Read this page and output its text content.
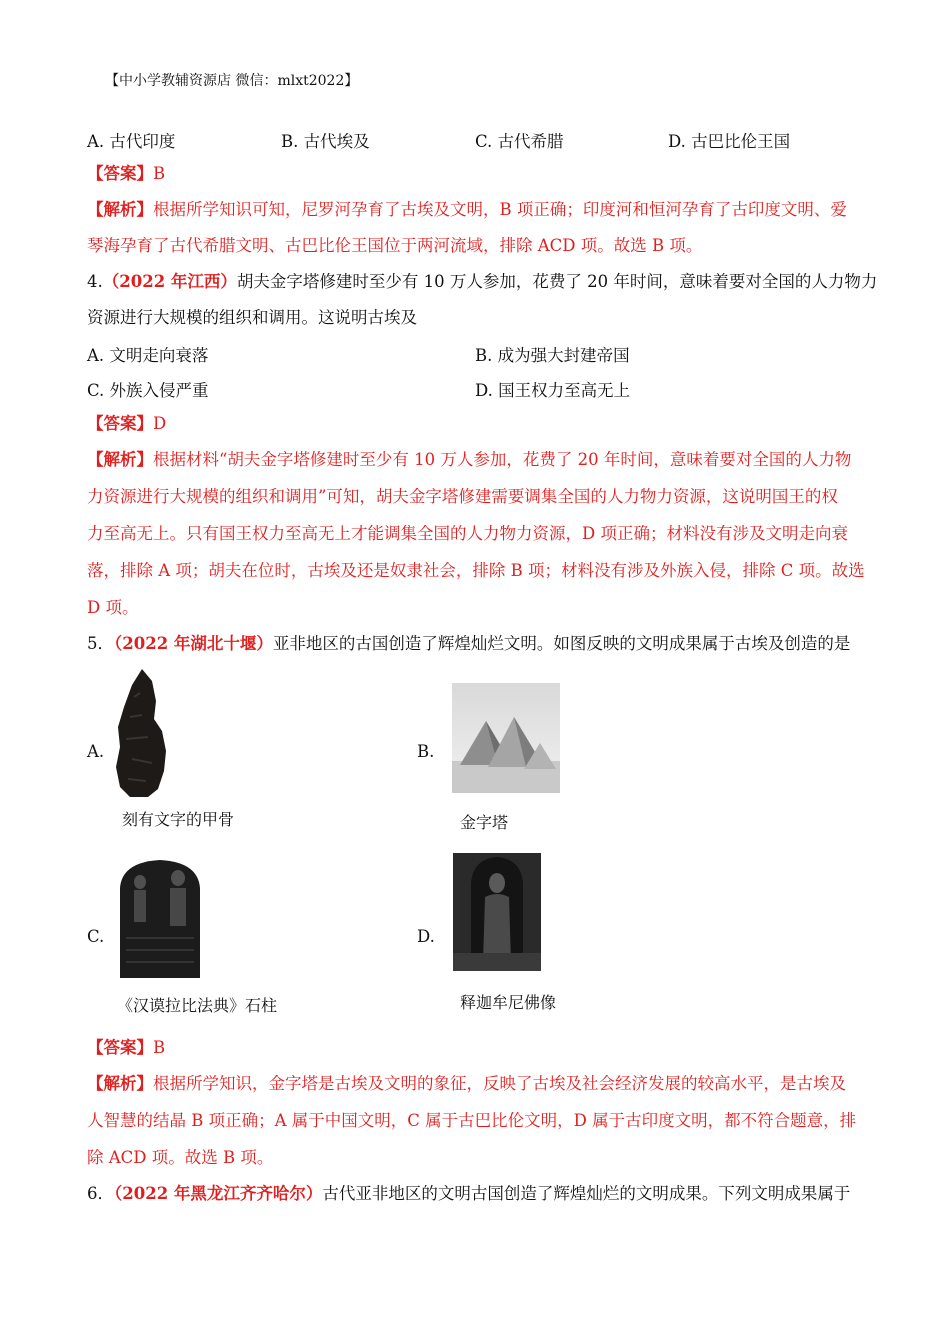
【中小学教辅资源店 微信：mlxt2022】
A. 古代印度	B. 古代埃及	C. 古代希腊	D. 古巴比伦王国
【答案】B
【解析】根据所学知识可知，尼罗河孕育了古埃及文明，B 项正确；印度河和恒河孕育了古印度文明、爱
琴海孕育了古代希腊文明、古巴比伦王国位于两河流域，排除 ACD 项。故选 B 项。
4.（2022 年江西）胡夫金字塔修建时至少有 10 万人参加，花费了 20 年时间，意味着要对全国的人力物力
资源进行大规模的组织和调用。这说明古埃及
A. 文明走向衰落	B. 成为强大封建帝国
C. 外族入侵严重	D. 国王权力至高无上
【答案】D
【解析】根据材料“胡夫金字塔修建时至少有 10 万人参加，花费了 20 年时间，意味着要对全国的人力物
力资源进行大规模的组织和调用”可知，胡夫金字塔修建需要调集全国的人力物力资源，这说明国王的权
力至高无上。只有国王权力至高无上才能调集全国的人力物力资源，D 项正确；材料没有涉及文明走向衰
落，排除 A 项；胡夫在位时，古埃及还是奴隶社会，排除 B 项；材料没有涉及外族入侵，排除 C 项。故选
D 项。
5．（2022 年湖北十堰）亚非地区的古国创造了辉煌灿烂文明。如图反映的文明成果属于古埃及创造的是
A.
刻有文字的甲骨
B.
金字塔
C.
《汉谟拉比法典》石柱
D.
释迦牟尼佛像
【答案】B
【解析】根据所学知识，金字塔是古埃及文明的象征，反映了古埃及社会经济发展的较高水平，是古埃及
人智慧的结晶 B 项正确；A 属于中国文明，C 属于古巴比伦文明，D 属于古印度文明，都不符合题意，排
除 ACD 项。故选 B 项。
6．（2022 年黑龙江齐齐哈尔）古代亚非地区的文明古国创造了辉煌灿烂的文明成果。下列文明成果属于
